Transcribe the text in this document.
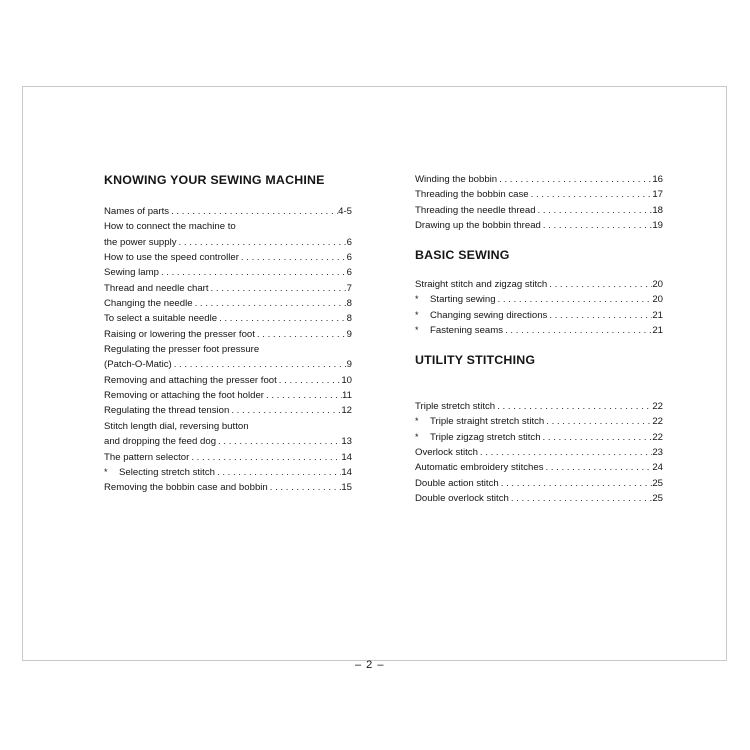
KNOWING YOUR SEWING MACHINE
Names of parts . . .	4-5
How to connect the machine to
the power supply . . .	6
How to use the speed controller . . .	6
Sewing lamp . . .	6
Thread and needle chart . . .	7
Changing the needle . . .	8
To select a suitable needle . . .	8
Raising or lowering the presser foot . . .	9
Regulating the presser foot pressure
(Patch-O-Matic) . . .	9
Removing and attaching the presser foot . . .	10
Removing or attaching the foot holder . . .	11
Regulating the thread tension . . .	12
Stitch length dial, reversing button
and dropping the feed dog . . .	13
The pattern selector . . .	14
* Selecting stretch stitch . . .	14
Removing the bobbin case and bobbin . . .	15
Winding the bobbin . . .	16
Threading the bobbin case . . .	17
Threading the needle thread . . .	18
Drawing up the bobbin thread . . .	19
BASIC SEWING
Straight stitch and zigzag stitch . . .	20
* Starting sewing . . .	20
* Changing sewing directions . . .	21
* Fastening seams . . .	21
UTILITY STITCHING
Triple stretch stitch . . .	22
* Triple straight stretch stitch . . .	22
* Triple zigzag stretch stitch . . .	22
Overlock stitch . . .	23
Automatic embroidery stitches . . .	24
Double action stitch . . .	25
Double overlock stitch . . .	25
– 2 –
